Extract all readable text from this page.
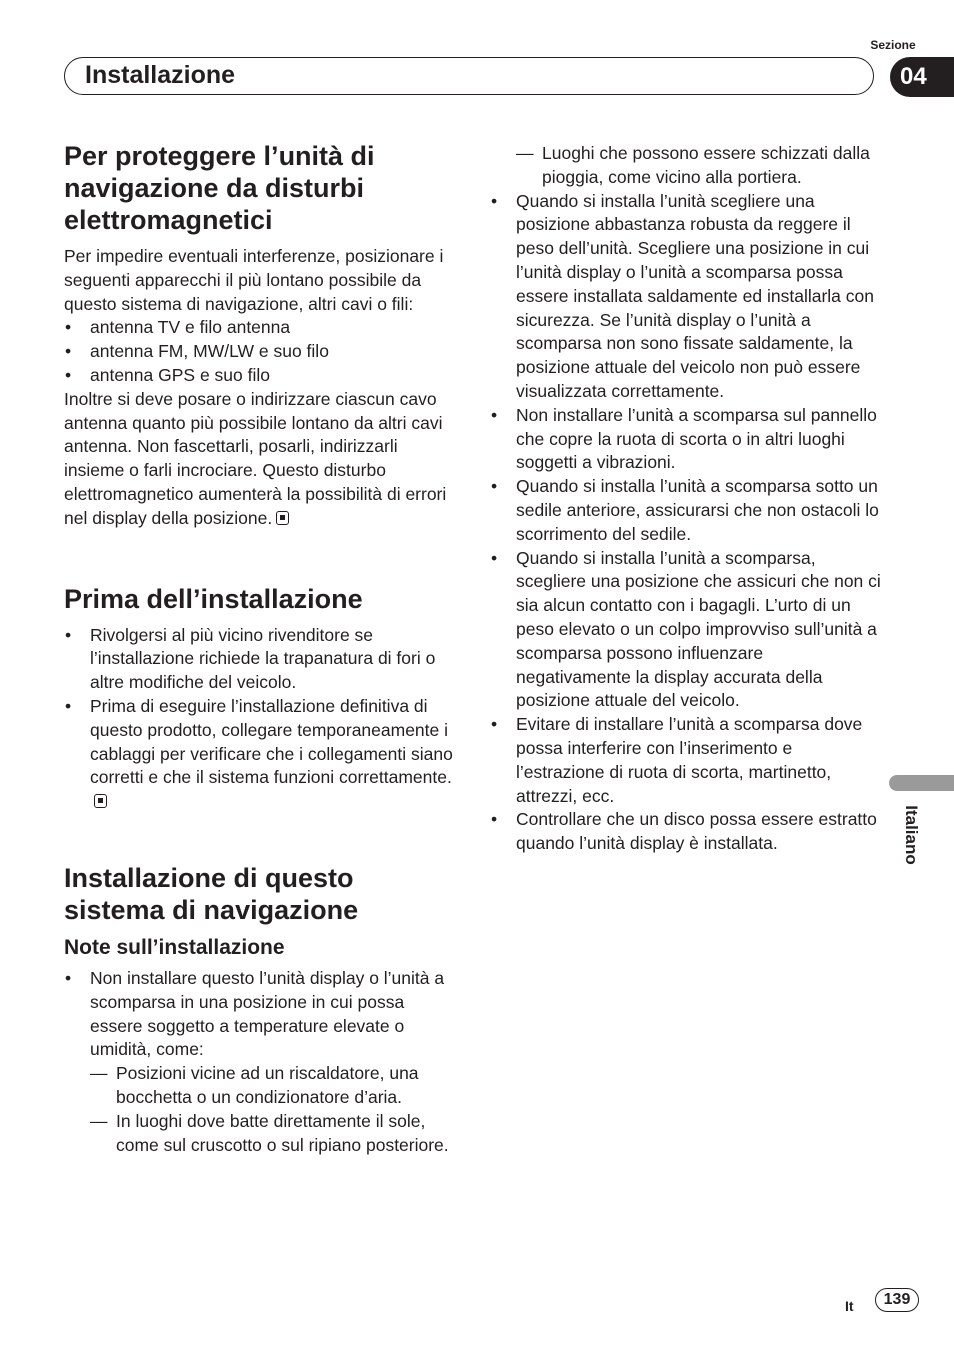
Sezione
Installazione	04
Italiano
Per proteggere l’unità di navigazione da disturbi elettromagnetici

Per impedire eventuali interferenze, posizionare i seguenti apparecchi il più lontano possibile da questo sistema di navigazione, altri cavi o fili:

• antenna TV e filo antenna
• antenna FM, MW/LW e suo filo
• antenna GPS e suo filo

Inoltre si deve posare o indirizzare ciascun cavo antenna quanto più possibile lontano da altri cavi antenna. Non fascettarli, posarli, indirizzarli insieme o farli incrociare. Questo disturbo elettromagnetico aumenterà la possibilità di errori nel display della posizione.

Prima dell’installazione
• Rivolgersi al più vicino rivenditore se l’installazione richiede la trapanatura di fori o altre modifiche del veicolo.
• Prima di eseguire l’installazione definitiva di questo prodotto, collegare temporaneamente i cablaggi per verificare che i collegamenti siano corretti e che il sistema funzioni correttamente.
Installazione di questo sistema di navigazione
Note sull’installazione
• Non installare questo l’unità display o l’unità a scomparsa in una posizione in cui possa essere soggetto a temperature elevate o umidità, come:
— Posizioni vicine ad un riscaldatore, una bocchetta o un condizionatore d’aria.
— In luoghi dove batte direttamente il sole, come sul cruscotto o sul ripiano posteriore.
— Luoghi che possono essere schizzati dalla pioggia, come vicino alla portiera.
• Quando si installa l’unità scegliere una posizione abbastanza robusta da reggere il peso dell’unità. Scegliere una posizione in cui l’unità display o l’unità a scomparsa possa essere installata saldamente ed installarla con sicurezza. Se l’unità display o l’unità a scomparsa non sono fissate saldamente, la posizione attuale del veicolo non può essere visualizzata correttamente.
• Non installare l’unità a scomparsa sul pannello che copre la ruota di scorta o in altri luoghi soggetti a vibrazioni.
• Quando si installa l’unità a scomparsa sotto un sedile anteriore, assicurarsi che non ostacoli lo scorrimento del sedile.
• Quando si installa l’unità a scomparsa, scegliere una posizione che assicuri che non ci sia alcun contatto con i bagagli. L’urto di un peso elevato o un colpo improvviso sull’unità a scomparsa possono influenzare negativamente la display accurata della posizione attuale del veicolo.
• Evitare di installare l’unità a scomparsa dove possa interferire con l’inserimento e l’estrazione di ruota di scorta, martinetto, attrezzi, ecc.
• Controllare che un disco possa essere estratto quando l’unità display è installata.
It	139
